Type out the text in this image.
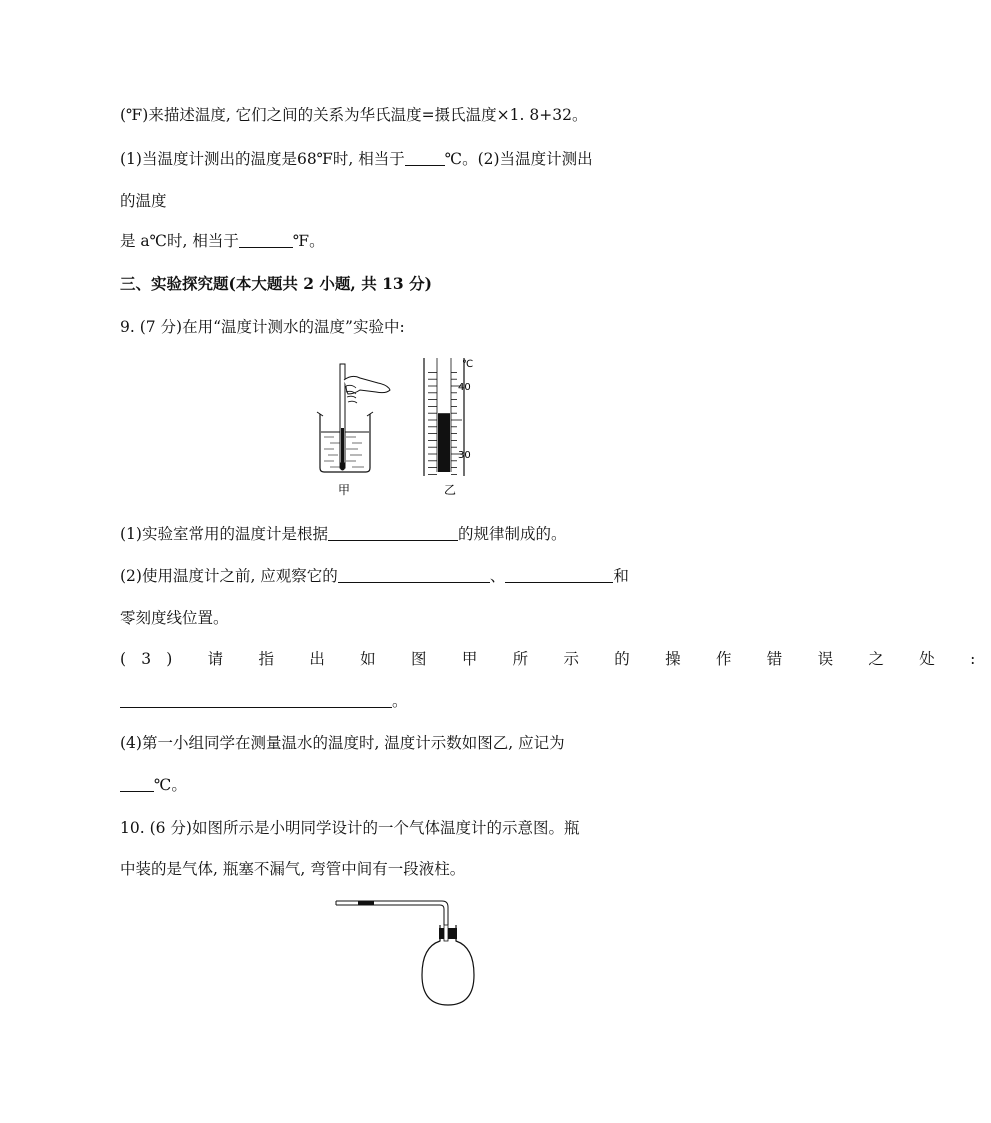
(℉)来描述温度, 它们之间的关系为华氏温度=摄氏温度×1. 8+32。
(1)当温度计测出的温度是68℉时, 相当于	℃。(2)当温度计测出
的温度
是 a℃时, 相当于	℉。
三、实验探究题(本大题共 2 小题, 共 13 分)
9. (7 分)在用“温度计测水的温度”实验中:
甲
℃
40
30
乙
(1)实验室常用的温度计是根据	的规律制成的。
(2)使用温度计之前, 应观察它的	、	和
零刻度线位置。
(3) 请 指 出 如 图 甲 所 示 的 操 作 错 误 之 处 :
。
(4)第一小组同学在测量温水的温度时, 温度计示数如图乙, 应记为
℃。
10. (6 分)如图所示是小明同学设计的一个气体温度计的示意图。瓶
中装的是气体, 瓶塞不漏气, 弯管中间有一段液柱。
